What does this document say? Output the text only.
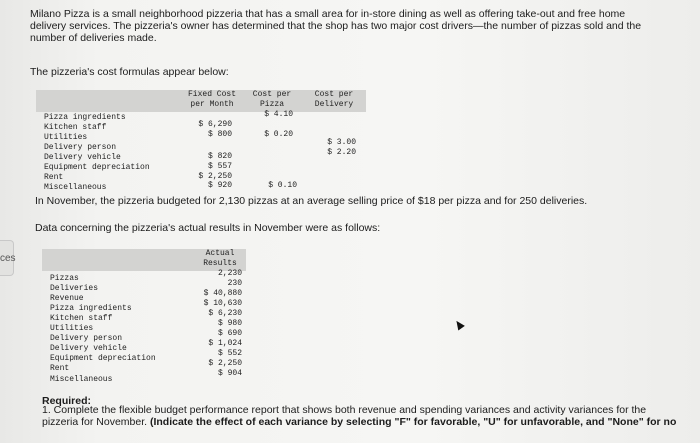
ces
Milano Pizza is a small neighborhood pizzeria that has a small area for in-store dining as well as offering take-out and free home
delivery services. The pizzeria's owner has determined that the shop has two major cost drivers—the number of pizzas sold and the
number of deliveries made.
The pizzeria's cost formulas appear below:
Fixed Cost
per Month
Cost per
Pizza
Cost per
Delivery
Pizza ingredients
Kitchen staff
Utilities
Delivery person
Delivery vehicle
Equipment depreciation
Rent
Miscellaneous
$ 4.10
$ 6,290
$ 800	$ 0.20
$ 3.00
$ 2.20
$ 820
$ 557
$ 2,250
$ 920	$ 0.10
In November, the pizzeria budgeted for 2,130 pizzas at an average selling price of $18 per pizza and for 250 deliveries.
Data concerning the pizzeria's actual results in November were as follows:
Actual
Results
Pizzas
Deliveries
Revenue
Pizza ingredients
Kitchen staff
Utilities
Delivery person
Delivery vehicle
Equipment depreciation
Rent
Miscellaneous
2,230
230
$ 40,880
$ 10,630
$ 6,230
$ 980
$ 690
$ 1,024
$ 552
$ 2,250
$ 904
Required:
1. Complete the flexible budget performance report that shows both revenue and spending variances and activity variances for the
pizzeria for November. (Indicate the effect of each variance by selecting "F" for favorable, "U" for unfavorable, and "None" for no
